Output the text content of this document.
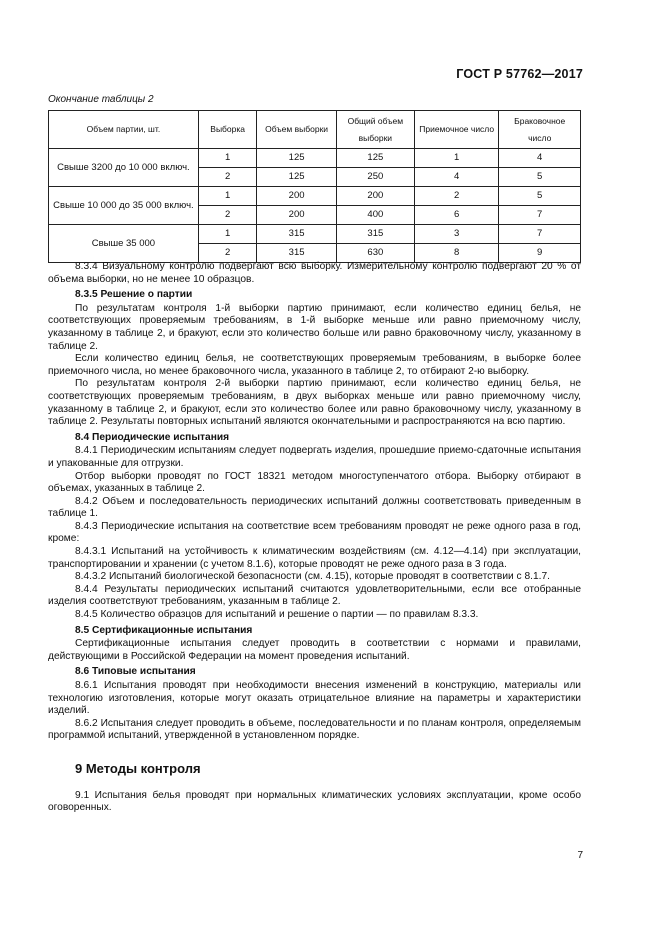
ГОСТ Р 57762—2017
Окончание таблицы 2
Объем партии, шт.	Выборка	Объем выборки	Общий объем выборки	Приемочное число	Браковочное число
Свыше 3200 до 10 000 включ.	1	125	125	1	4
	2	125	250	4	5
Свыше 10 000 до 35 000 включ.	1	200	200	2	5
	2	200	400	6	7
Свыше 35 000	1	315	315	3	7
	2	315	630	8	9

8.3.4 Визуальному контролю подвергают всю выборку. Измерительному контролю подвергают 20 % от объема выборки, но не менее 10 образцов.

8.3.5 Решение о партии

По результатам контроля 1-й выборки партию принимают, если количество единиц белья, не соответствующих проверяемым требованиям, в 1-й выборке меньше или равно приемочному числу, указанному в таблице 2, и бракуют, если это количество больше или равно браковочному числу, указанному в таблице 2.

Если количество единиц белья, не соответствующих проверяемым требованиям, в выборке более приемочного числа, но менее браковочного числа, указанного в таблице 2, то отбирают 2-ю выборку.

По результатам контроля 2-й выборки партию принимают, если количество единиц белья, не соответствующих проверяемым требованиям, в двух выборках меньше или равно приемочному числу, указанному в таблице 2, и бракуют, если это количество более или равно браковочному числу, указанному в таблице 2. Результаты повторных испытаний являются окончательными и распространяются на всю партию.

8.4 Периодические испытания

8.4.1 Периодическим испытаниям следует подвергать изделия, прошедшие приемо-сдаточные испытания и упакованные для отгрузки.

Отбор выборки проводят по ГОСТ 18321 методом многоступенчатого отбора. Выборку отбирают в объемах, указанных в таблице 2.

8.4.2 Объем и последовательность периодических испытаний должны соответствовать приведенным в таблице 1.

8.4.3 Периодические испытания на соответствие всем требованиям проводят не реже одного раза в год, кроме:

8.4.3.1 Испытаний на устойчивость к климатическим воздействиям (см. 4.12—4.14) при эксплуатации, транспортировании и хранении (с учетом 8.1.6), которые проводят не реже одного раза в 3 года.

8.4.3.2 Испытаний биологической безопасности (см. 4.15), которые проводят в соответствии с 8.1.7.

8.4.4 Результаты периодических испытаний считаются удовлетворительными, если все отобранные изделия соответствуют требованиям, указанным в таблице 2.

8.4.5 Количество образцов для испытаний и решение о партии — по правилам 8.3.3.

8.5 Сертификационные испытания

Сертификационные испытания следует проводить в соответствии с нормами и правилами, действующими в Российской Федерации на момент проведения испытаний.

8.6 Типовые испытания

8.6.1 Испытания проводят при необходимости внесения изменений в конструкцию, материалы или технологию изготовления, которые могут оказать отрицательное влияние на параметры и характеристики изделий.

8.6.2 Испытания следует проводить в объеме, последовательности и по планам контроля, определяемым программой испытаний, утвержденной в установленном порядке.

9 Методы контроля

9.1 Испытания белья проводят при нормальных климатических условиях эксплуатации, кроме особо оговоренных.

7
